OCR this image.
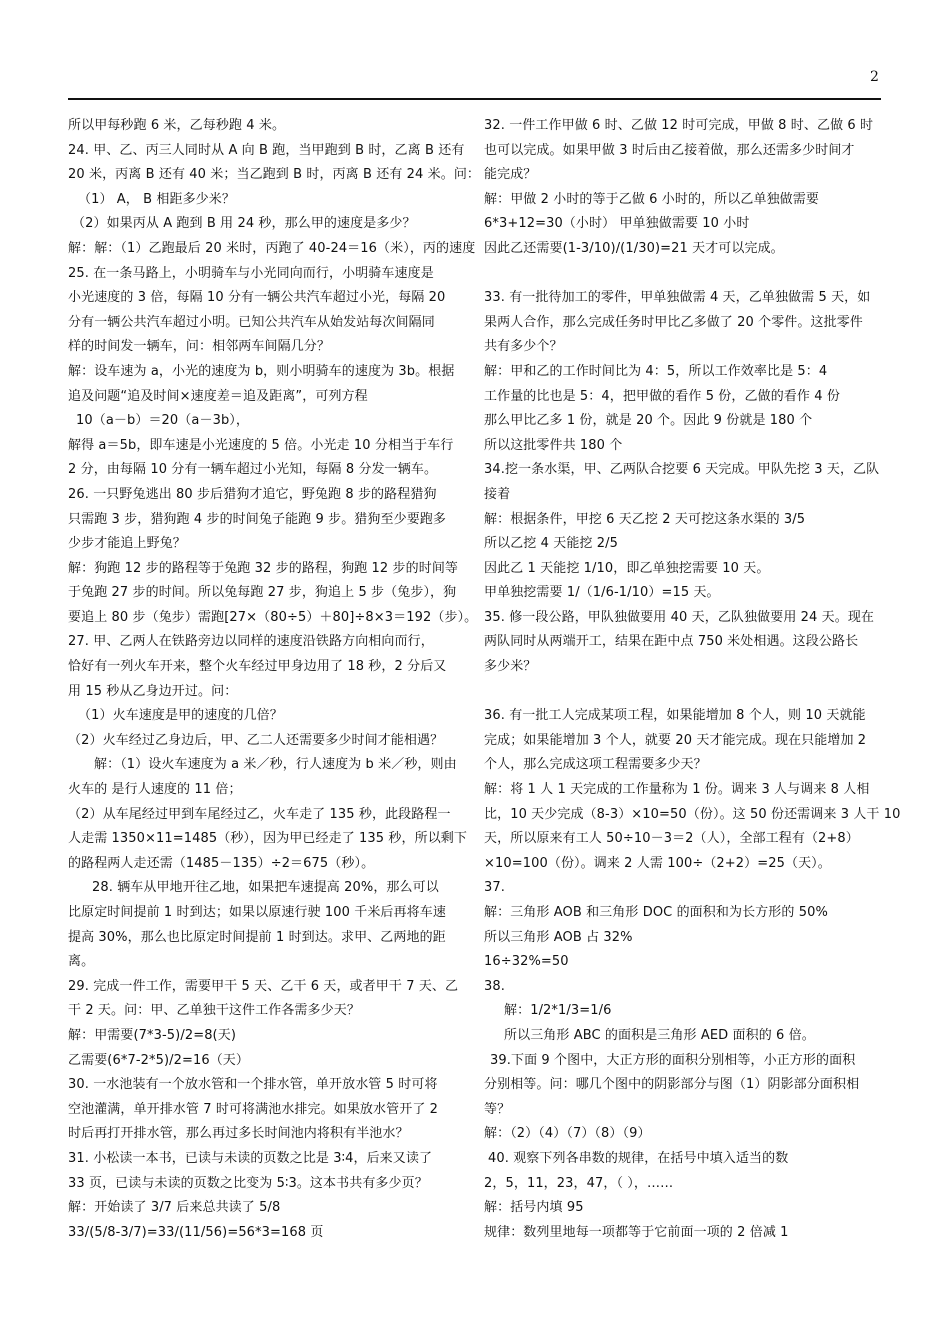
2
所以甲每秒跑 6 米，乙每秒跑 4 米。
24. 甲、乙、丙三人同时从 A 向 B 跑，当甲跑到 B 时，乙离 B 还有
20 米，丙离 B 还有 40 米；当乙跑到 B 时，丙离 B 还有 24 米。问：
（1） A， B 相距多少米？
（2）如果丙从 A 跑到 B 用 24 秒，那么甲的速度是多少？
解：解：（1）乙跑最后 20 米时，丙跑了 40-24＝16（米），丙的速度
25. 在一条马路上，小明骑车与小光同向而行，小明骑车速度是
小光速度的 3 倍，每隔 10 分有一辆公共汽车超过小光，每隔 20
分有一辆公共汽车超过小明。已知公共汽车从始发站每次间隔同
样的时间发一辆车，问：相邻两车间隔几分？
解：设车速为 a，小光的速度为 b，则小明骑车的速度为 3b。根据
追及问题“追及时间×速度差＝追及距离”，可列方程
10（a－b）＝20（a－3b），
解得 a＝5b，即车速是小光速度的 5 倍。小光走 10 分相当于车行
2 分，由每隔 10 分有一辆车超过小光知，每隔 8 分发一辆车。
26. 一只野兔逃出 80 步后猎狗才追它，野兔跑 8 步的路程猎狗
只需跑 3 步，猎狗跑 4 步的时间兔子能跑 9 步。猎狗至少要跑多
少步才能追上野兔？
解：狗跑 12 步的路程等于兔跑 32 步的路程，狗跑 12 步的时间等
于兔跑 27 步的时间。所以兔每跑 27 步，狗追上 5 步（兔步），狗
要追上 80 步（兔步）需跑[27×（80÷5）＋80]÷8×3＝192（步）。
27. 甲、乙两人在铁路旁边以同样的速度沿铁路方向相向而行，
恰好有一列火车开来，整个火车经过甲身边用了 18 秒，2 分后又
用 15 秒从乙身边开过。问：
（1）火车速度是甲的速度的几倍？
（2）火车经过乙身边后，甲、乙二人还需要多少时间才能相遇？
解：（1）设火车速度为 a 米／秒，行人速度为 b 米／秒，则由
火车的 是行人速度的 11 倍；
（2）从车尾经过甲到车尾经过乙，火车走了 135 秒，此段路程一
人走需 1350×11=1485（秒），因为甲已经走了 135 秒，所以剩下
的路程两人走还需（1485－135）÷2＝675（秒）。
28. 辆车从甲地开往乙地，如果把车速提高 20%，那么可以
比原定时间提前 1 时到达；如果以原速行驶 100 千米后再将车速
提高 30%，那么也比原定时间提前 1 时到达。求甲、乙两地的距
离。
29. 完成一件工作，需要甲干 5 天、乙干 6 天，或者甲干 7 天、乙
干 2 天。问：甲、乙单独干这件工作各需多少天？
解：甲需要(7*3-5)/2=8(天)
乙需要(6*7-2*5)/2=16（天）
30. 一水池装有一个放水管和一个排水管，单开放水管 5 时可将
空池灌满，单开排水管 7 时可将满池水排完。如果放水管开了 2
时后再打开排水管，那么再过多长时间池内将积有半池水？
31. 小松读一本书，已读与未读的页数之比是 3∶4，后来又读了
33 页，已读与未读的页数之比变为 5∶3。这本书共有多少页？
解：开始读了 3/7 后来总共读了 5/8
33/(5/8-3/7)=33/(11/56)=56*3=168 页
32. 一件工作甲做 6 时、乙做 12 时可完成，甲做 8 时、乙做 6 时
也可以完成。如果甲做 3 时后由乙接着做，那么还需多少时间才
能完成？
解：甲做 2 小时的等于乙做 6 小时的，所以乙单独做需要
6*3+12=30（小时） 甲单独做需要 10 小时
因此乙还需要(1-3/10)/(1/30)=21 天才可以完成。
33. 有一批待加工的零件，甲单独做需 4 天，乙单独做需 5 天，如
果两人合作，那么完成任务时甲比乙多做了 20 个零件。这批零件
共有多少个？
解：甲和乙的工作时间比为 4：5，所以工作效率比是 5：4
工作量的比也是 5：4，把甲做的看作 5 份，乙做的看作 4 份
那么甲比乙多 1 份，就是 20 个。因此 9 份就是 180 个
所以这批零件共 180 个
34.挖一条水渠，甲、乙两队合挖要 6 天完成。甲队先挖 3 天，乙队
接着
解：根据条件，甲挖 6 天乙挖 2 天可挖这条水渠的 3/5
所以乙挖 4 天能挖 2/5
因此乙 1 天能挖 1/10，即乙单独挖需要 10 天。
甲单独挖需要 1/（1/6-1/10）=15 天。
35. 修一段公路，甲队独做要用 40 天，乙队独做要用 24 天。现在
两队同时从两端开工，结果在距中点 750 米处相遇。这段公路长
多少米？
36. 有一批工人完成某项工程，如果能增加 8 个人，则 10 天就能
完成；如果能增加 3 个人，就要 20 天才能完成。现在只能增加 2
个人，那么完成这项工程需要多少天？
解：将 1 人 1 天完成的工作量称为 1 份。调来 3 人与调来 8 人相
比，10 天少完成（8-3）×10=50（份）。这 50 份还需调来 3 人干 10
天，所以原来有工人 50÷10－3＝2（人），全部工程有（2+8）
×10=100（份）。调来 2 人需 100÷（2+2）=25（天）。
37.
解：三角形 AOB 和三角形 DOC 的面积和为长方形的 50%
所以三角形 AOB 占 32%
16÷32%=50
38.
解：1/2*1/3=1/6
所以三角形 ABC 的面积是三角形 AED 面积的 6 倍。
39.下面 9 个图中，大正方形的面积分别相等，小正方形的面积
分别相等。问：哪几个图中的阴影部分与图（1）阴影部分面积相
等？
解：（2）（4）（7）（8）（9）
40. 观察下列各串数的规律，在括号中填入适当的数
2，5，11，23，47，（ ），……
解：括号内填 95
规律：数列里地每一项都等于它前面一项的 2 倍减 1
